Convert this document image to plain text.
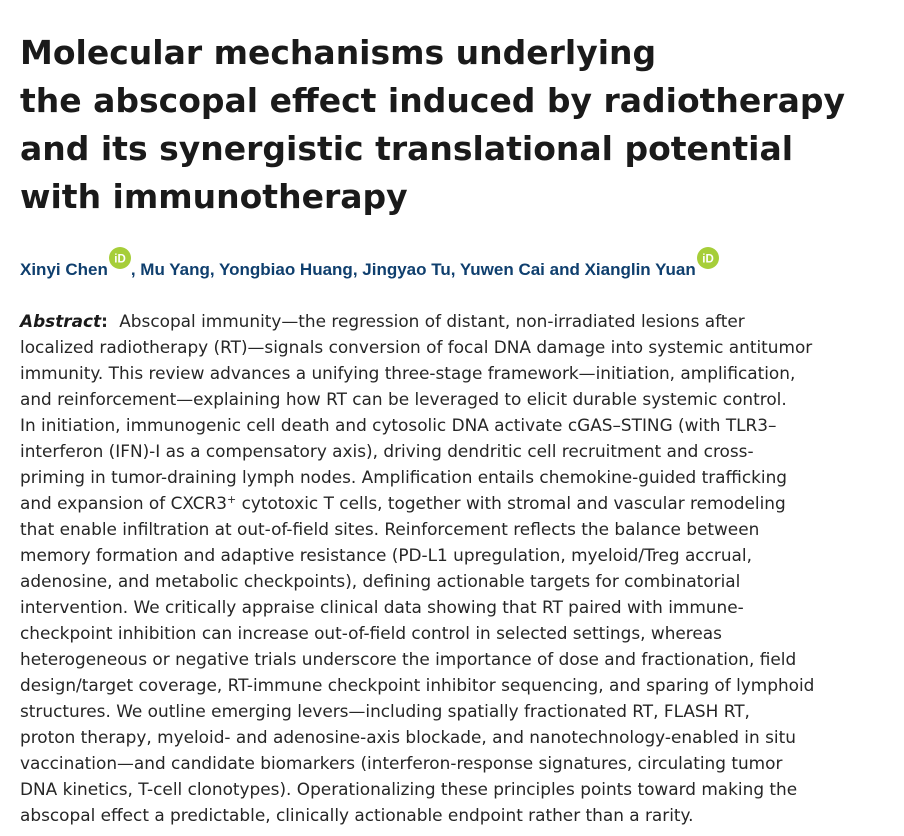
Molecular mechanisms underlying
the abscopal effect induced by radiotherapy
and its synergistic translational potential
with immunotherapy
Xinyi Chen
iD
, Mu Yang, Yongbiao Huang, Jingyao Tu, Yuwen Cai and Xianglin Yuan
iD
Abstract: Abscopal immunity—the regression of distant, non-irradiated lesions after
localized radiotherapy (RT)—signals conversion of focal DNA damage into systemic antitumor
immunity. This review advances a unifying three-stage framework—initiation, amplification,
and reinforcement—explaining how RT can be leveraged to elicit durable systemic control.
In initiation, immunogenic cell death and cytosolic DNA activate cGAS–STING (with TLR3–
interferon (IFN)-I as a compensatory axis), driving dendritic cell recruitment and cross-
priming in tumor-draining lymph nodes. Amplification entails chemokine-guided trafficking
and expansion of CXCR3+ cytotoxic T cells, together with stromal and vascular remodeling
that enable infiltration at out-of-field sites. Reinforcement reflects the balance between
memory formation and adaptive resistance (PD-L1 upregulation, myeloid/Treg accrual,
adenosine, and metabolic checkpoints), defining actionable targets for combinatorial
intervention. We critically appraise clinical data showing that RT paired with immune-
checkpoint inhibition can increase out-of-field control in selected settings, whereas
heterogeneous or negative trials underscore the importance of dose and fractionation, field
design/target coverage, RT-immune checkpoint inhibitor sequencing, and sparing of lymphoid
structures. We outline emerging levers—including spatially fractionated RT, FLASH RT,
proton therapy, myeloid- and adenosine-axis blockade, and nanotechnology-enabled in situ
vaccination—and candidate biomarkers (interferon-response signatures, circulating tumor
DNA kinetics, T-cell clonotypes). Operationalizing these principles points toward making the
abscopal effect a predictable, clinically actionable endpoint rather than a rarity.
